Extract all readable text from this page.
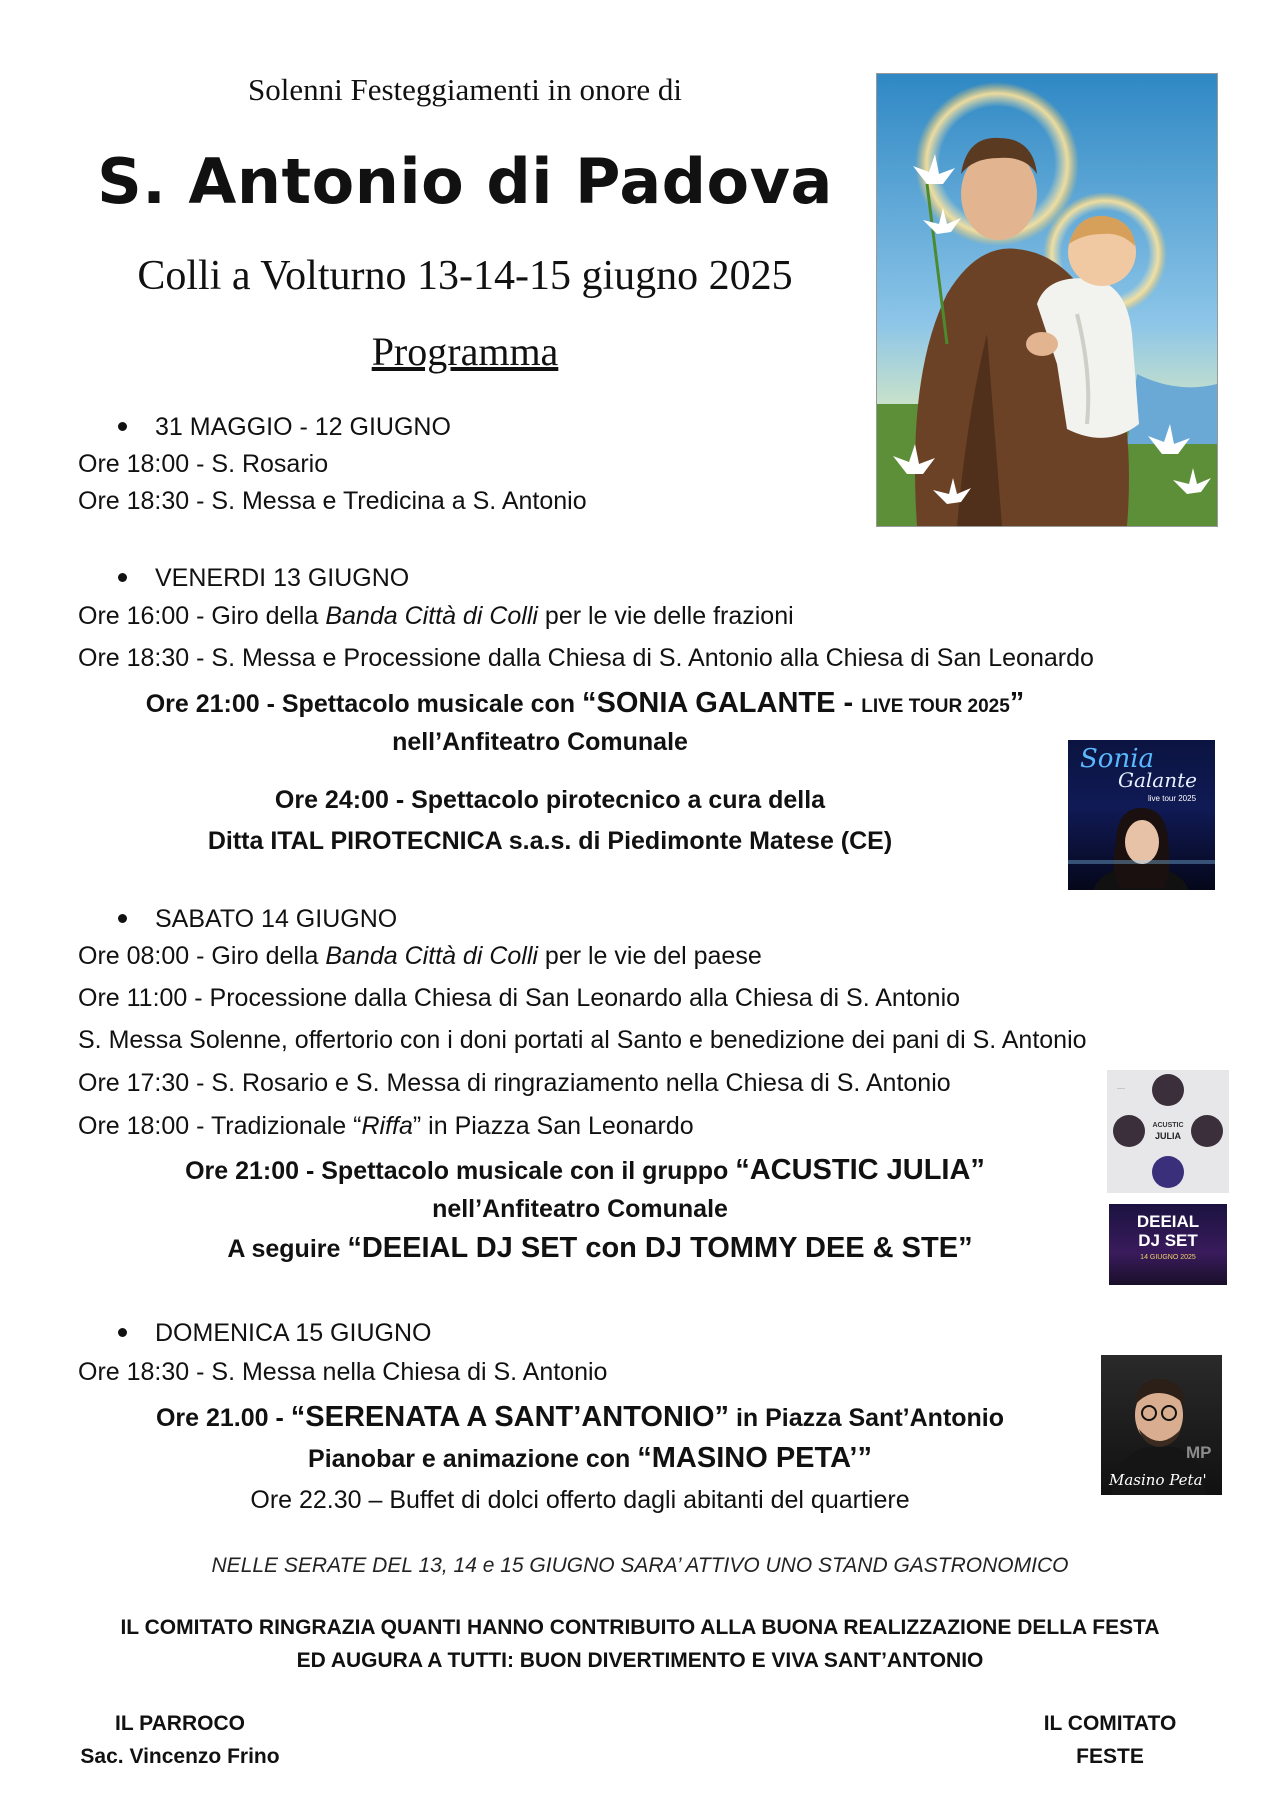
Solenni Festeggiamenti in onore di
S. Antonio di Padova
Colli a Volturno 13-14-15 giugno 2025
Programma
31 MAGGIO - 12 GIUGNO
Ore 18:00 - S. Rosario
Ore 18:30 - S. Messa e Tredicina a S. Antonio
VENERDI 13 GIUGNO
Ore 16:00 - Giro della Banda Città di Colli per le vie delle frazioni
Ore 18:30 - S. Messa e Processione dalla Chiesa di S. Antonio alla Chiesa di San Leonardo
Ore 21:00 - Spettacolo musicale con “SONIA GALANTE - LIVE TOUR 2025”
nell’Anfiteatro Comunale
Ore 24:00 - Spettacolo pirotecnico a cura della
Ditta ITAL PIROTECNICA s.a.s. di Piedimonte Matese (CE)
Sonia
Galante
live tour 2025
SABATO 14 GIUGNO
Ore 08:00 - Giro della Banda Città di Colli per le vie del paese
Ore 11:00 - Processione dalla Chiesa di San Leonardo alla Chiesa di S. Antonio
S. Messa Solenne, offertorio con i doni portati al Santo e benedizione dei pani di S. Antonio
Ore 17:30 - S. Rosario e S. Messa di ringraziamento nella Chiesa di S. Antonio
Ore 18:00 - Tradizionale “Riffa” in Piazza San Leonardo
Ore 21:00 - Spettacolo musicale con il gruppo “ACUSTIC JULIA”
nell’Anfiteatro Comunale
A seguire “DEEIAL DJ SET con DJ TOMMY DEE & STE”
····
ACUSTIC
JULIA
DEEIAL
DJ SET
14 GIUGNO 2025
DOMENICA 15 GIUGNO
Ore 18:30 - S. Messa nella Chiesa di S. Antonio
Ore 21.00 - “SERENATA A SANT’ANTONIO” in Piazza Sant’Antonio
Pianobar e animazione con “MASINO PETA’”
Ore 22.30 – Buffet di dolci offerto dagli abitanti del quartiere
MP
Masino Peta'
NELLE SERATE DEL 13, 14 e 15 GIUGNO SARA’ ATTIVO UNO STAND GASTRONOMICO
IL COMITATO RINGRAZIA QUANTI HANNO CONTRIBUITO ALLA BUONA REALIZZAZIONE DELLA FESTA
ED AUGURA A TUTTI: BUON DIVERTIMENTO E VIVA SANT’ANTONIO
IL PARROCO
Sac. Vincenzo Frino
IL COMITATO
FESTE
